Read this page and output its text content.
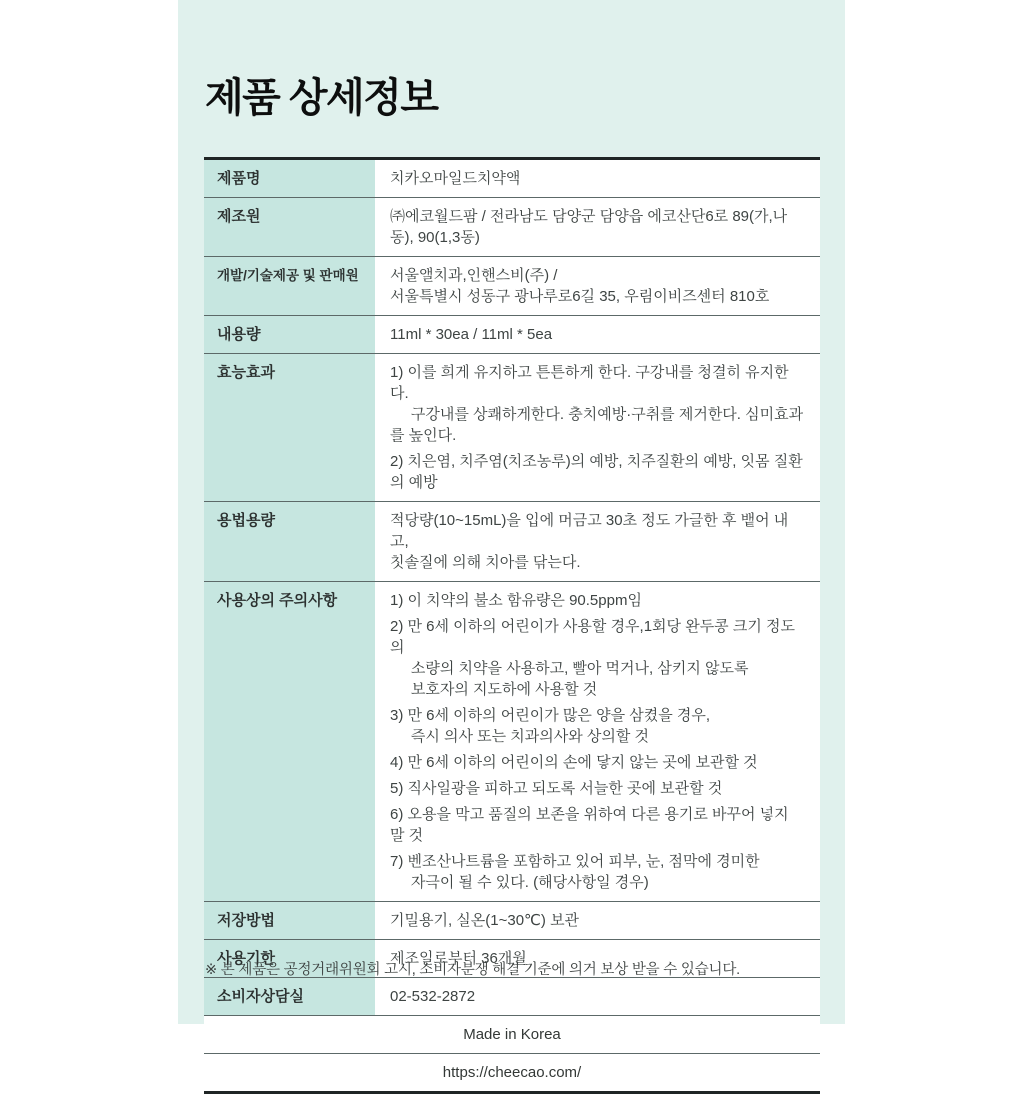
제품 상세정보
제품명	치카오마일드치약액
제조원	㈜에코월드팜 / 전라남도 담양군 담양읍 에코산단6로 89(가,나동), 90(1,3동)
개발/기술제공 및 판매원	서울앨치과,인핸스비(주) /
서울특별시 성동구 광나루로6길 35, 우림이비즈센터 810호
내용량	11ml * 30ea / 11ml * 5ea
효능효과	1) 이를 희게 유지하고 튼튼하게 한다. 구강내를 청결히 유지한다.
구강내를 상쾌하게한다. 충치예방·구취를 제거한다. 심미효과를 높인다.
2) 치은염, 치주염(치조농루)의 예방, 치주질환의 예방, 잇몸 질환의 예방
용법용량	적당량(10~15mL)을 입에 머금고 30초 정도 가글한 후 뱉어 내고,
칫솔질에 의해 치아를 닦는다.
사용상의 주의사항	1) 이 치약의 불소 함유량은 90.5ppm임
2) 만 6세 이하의 어린이가 사용할 경우,1회당 완두콩 크기 정도의
소량의 치약을 사용하고, 빨아 먹거나, 삼키지 않도록
보호자의 지도하에 사용할 것
3) 만 6세 이하의 어린이가 많은 양을 삼켰을 경우,
즉시 의사 또는 치과의사와 상의할 것
4) 만 6세 이하의 어린이의 손에 닿지 않는 곳에 보관할 것
5) 직사일광을 피하고 되도록 서늘한 곳에 보관할 것
6) 오용을 막고 품질의 보존을 위하여 다른 용기로 바꾸어 넣지 말 것
7) 벤조산나트륨을 포함하고 있어 피부, 눈, 점막에 경미한
자극이 될 수 있다. (해당사항일 경우)
저장방법	기밀용기, 실온(1~30℃) 보관
사용기한	제조일로부터 36개월
소비자상담실	02-532-2872
Made in Korea
https://cheecao.com/
※ 본 제품은 공정거래위원회 고시, 소비자분쟁 해결 기준에 의거 보상 받을 수 있습니다.
